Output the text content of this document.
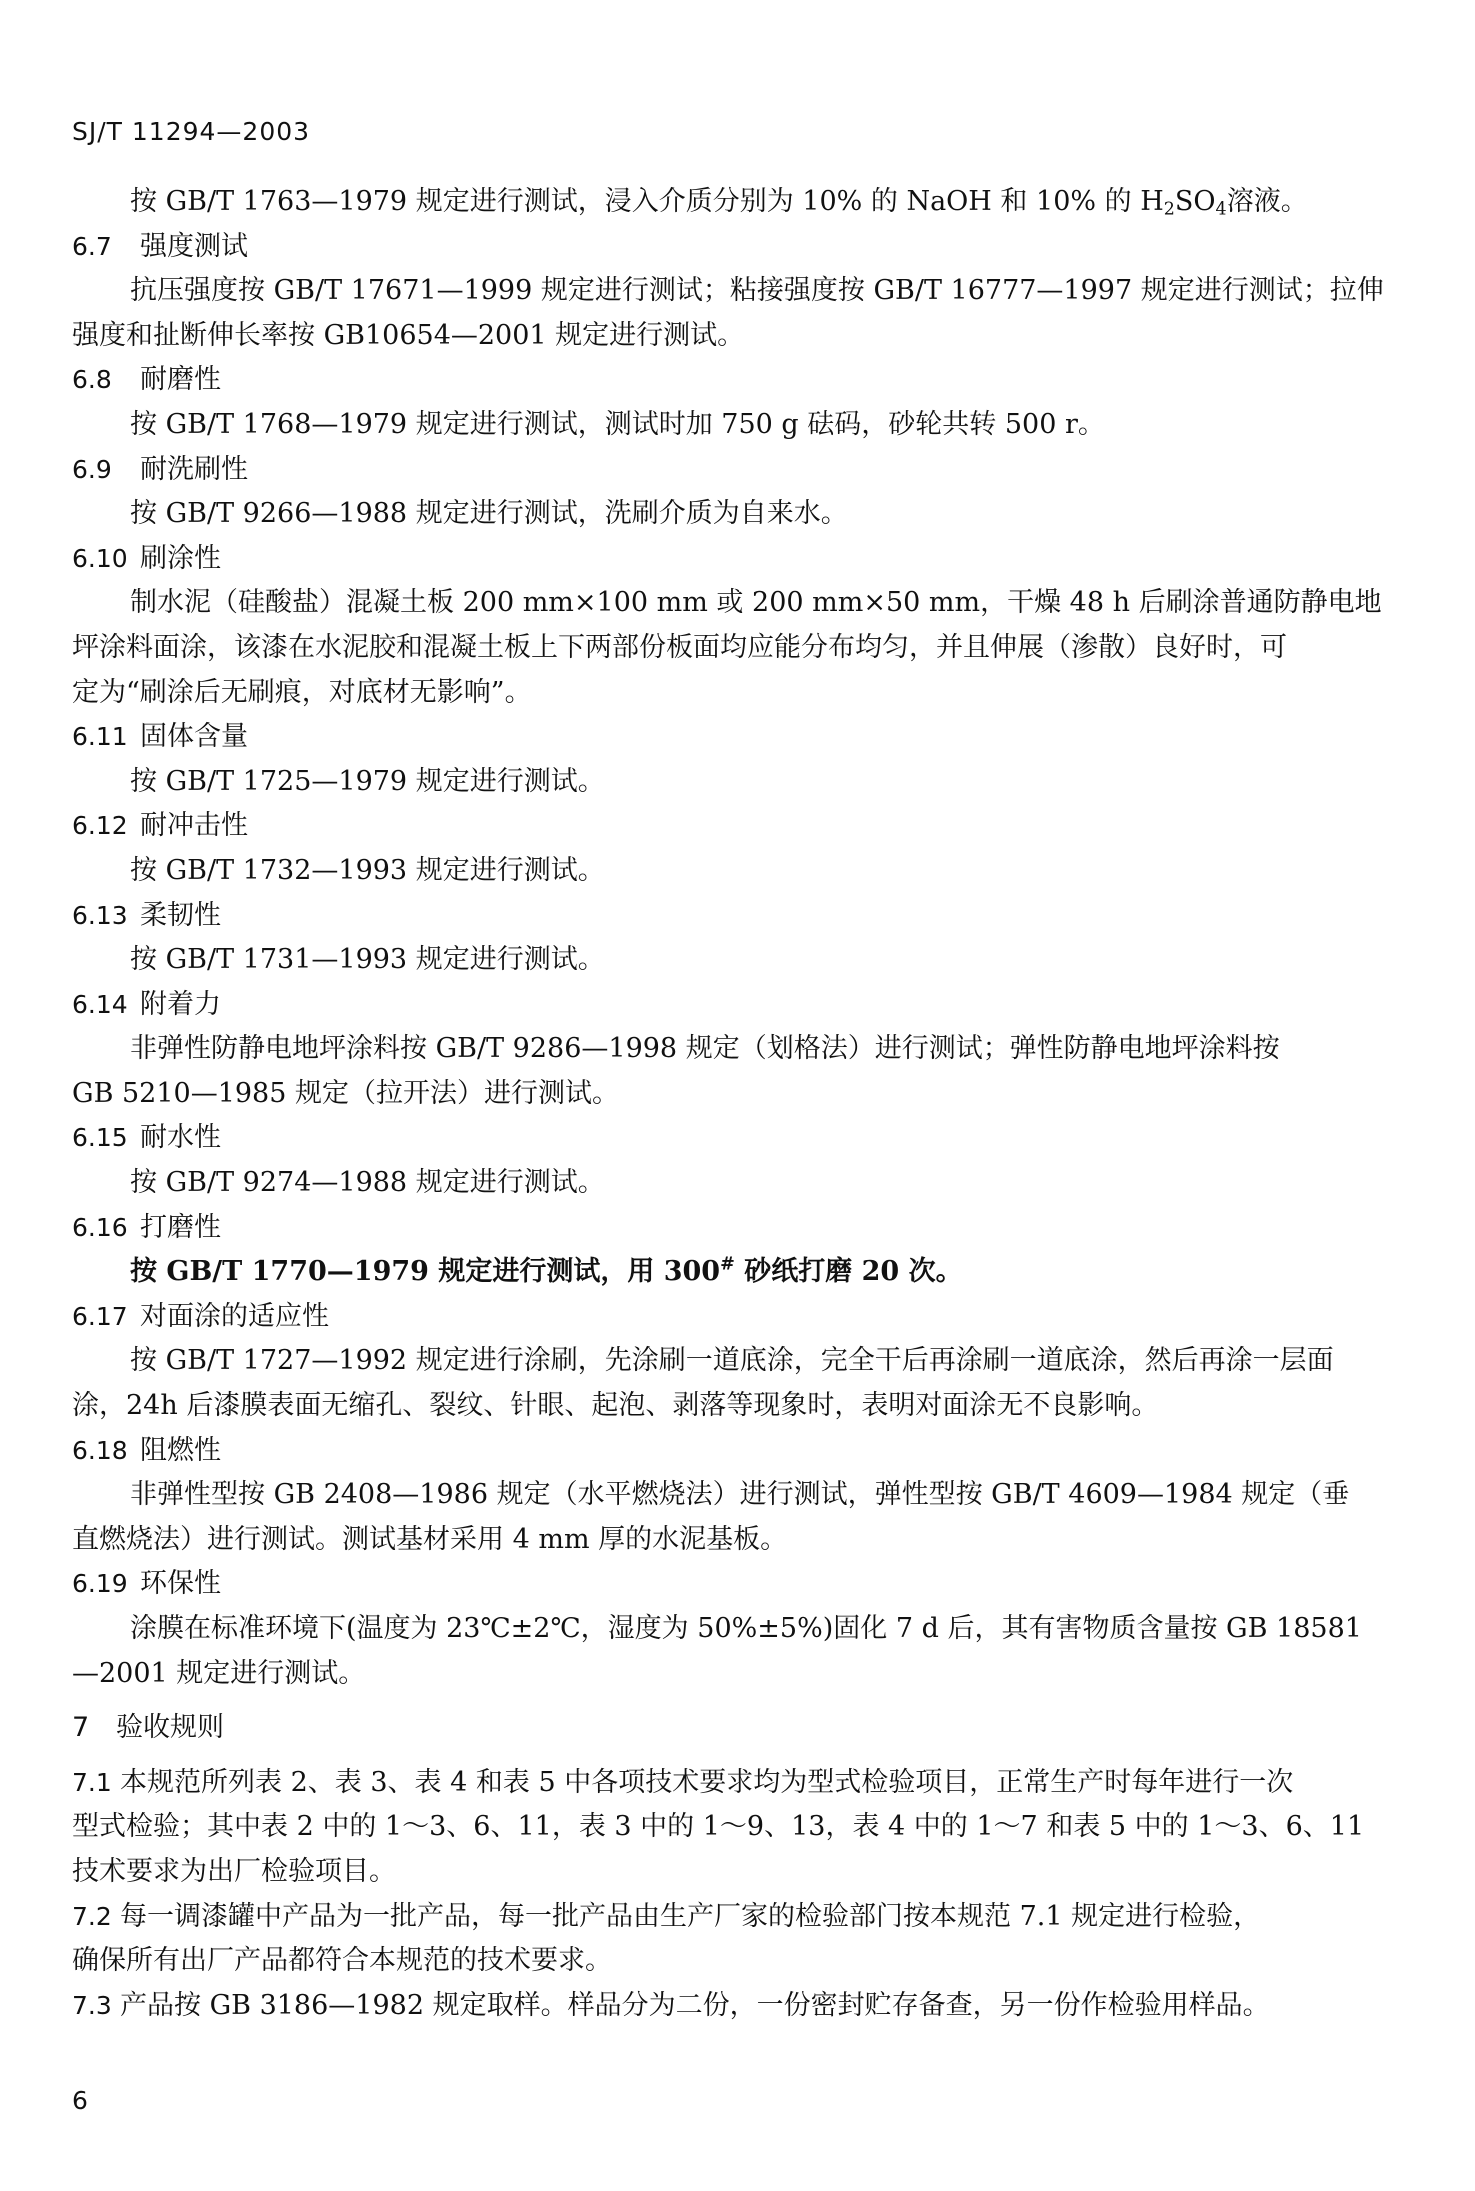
SJ/T 11294—2003
按 GB/T 1763—1979 规定进行测试，浸入介质分别为 10% 的 NaOH 和 10% 的 $H_2SO_4$溶液。
6.7 强度测试
抗压强度按 GB/T 17671—1999 规定进行测试；粘接强度按 GB/T 16777—1997 规定进行测试；拉伸
强度和扯断伸长率按 GB10654—2001 规定进行测试。
6.8 耐磨性
按 GB/T 1768—1979 规定进行测试，测试时加 750 g 砝码，砂轮共转 500 r。
6.9 耐洗刷性
按 GB/T 9266—1988 规定进行测试，洗刷介质为自来水。
6.10 刷涂性
制水泥（硅酸盐）混凝土板 200 mm×100 mm 或 200 mm×50 mm，干燥 48 h 后刷涂普通防静电地
坪涂料面涂，该漆在水泥胶和混凝土板上下两部份板面均应能分布均匀，并且伸展（渗散）良好时，可
定为“刷涂后无刷痕，对底材无影响”。
6.11 固体含量
按 GB/T 1725—1979 规定进行测试。
6.12 耐冲击性
按 GB/T 1732—1993 规定进行测试。
6.13 柔韧性
按 GB/T 1731—1993 规定进行测试。
6.14 附着力
非弹性防静电地坪涂料按 GB/T 9286—1998 规定（划格法）进行测试；弹性防静电地坪涂料按
GB 5210—1985 规定（拉开法）进行测试。
6.15 耐水性
按 GB/T 9274—1988 规定进行测试。
6.16 打磨性
按 GB/T 1770—1979 规定进行测试，用 300# 砂纸打磨 20 次。
6.17 对面涂的适应性
按 GB/T 1727—1992 规定进行涂刷，先涂刷一道底涂，完全干后再涂刷一道底涂，然后再涂一层面
涂，24h 后漆膜表面无缩孔、裂纹、针眼、起泡、剥落等现象时，表明对面涂无不良影响。
6.18 阻燃性
非弹性型按 GB 2408—1986 规定（水平燃烧法）进行测试，弹性型按 GB/T 4609—1984 规定（垂
直燃烧法）进行测试。测试基材采用 4 mm 厚的水泥基板。
6.19 环保性
涂膜在标准环境下(温度为 23℃±2℃，湿度为 50%±5%)固化 7 d 后，其有害物质含量按 GB 18581
—2001 规定进行测试。
7 验收规则
7.1 本规范所列表 2、表 3、表 4 和表 5 中各项技术要求均为型式检验项目，正常生产时每年进行一次
型式检验；其中表 2 中的 1～3、6、11，表 3 中的 1～9、13，表 4 中的 1～7 和表 5 中的 1～3、6、11
技术要求为出厂检验项目。
7.2 每一调漆罐中产品为一批产品，每一批产品由生产厂家的检验部门按本规范 7.1 规定进行检验，
确保所有出厂产品都符合本规范的技术要求。
7.3 产品按 GB 3186—1982 规定取样。样品分为二份，一份密封贮存备查，另一份作检验用样品。
6
